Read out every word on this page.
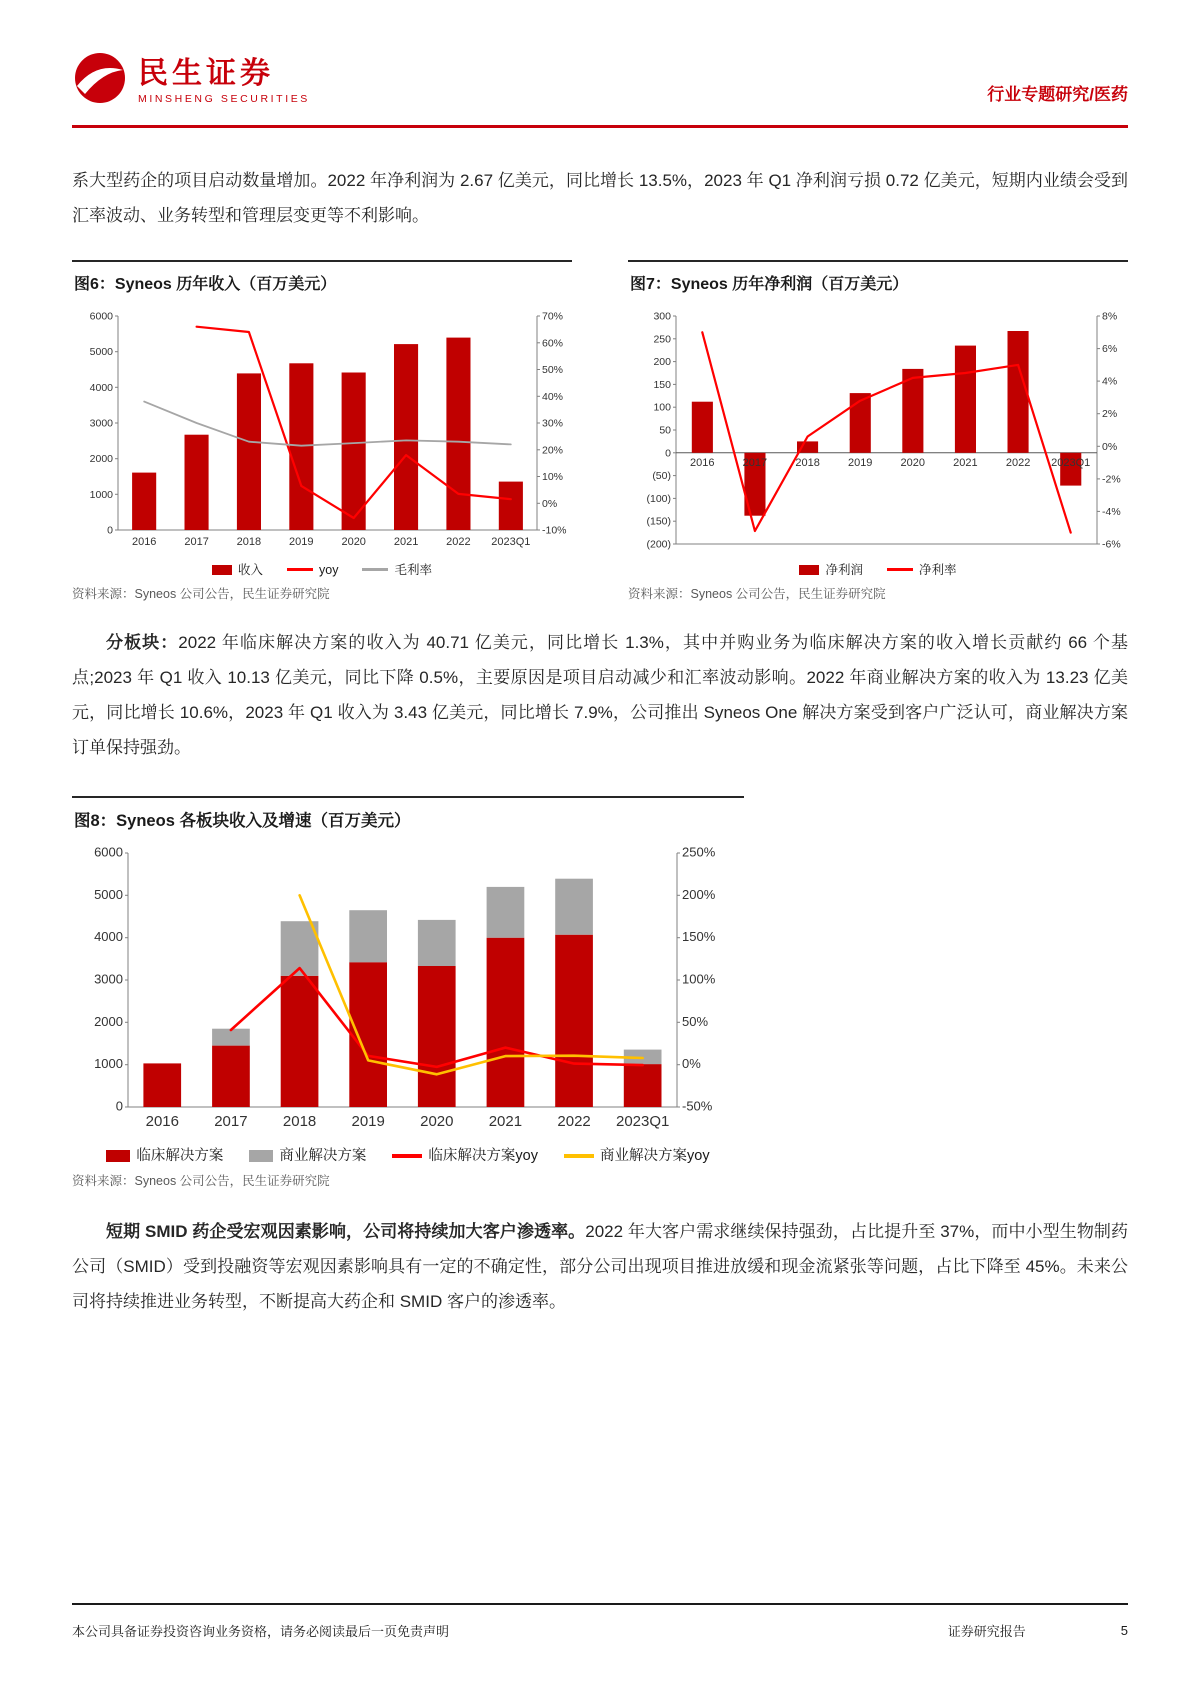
民生证券
MINSHENG SECURITIES	行业专题研究/医药

系大型药企的项目启动数量增加。2022 年净利润为 2.67 亿美元，同比增长 13.5%，2023 年 Q1 净利润亏损 0.72 亿美元，短期内业绩会受到汇率波动、业务转型和管理层变更等不利影响。

图6：Syneos 历年收入（百万美元）
0
1000
2000
3000
4000
5000
6000
-10%
0%
10%
20%
30%
40%
50%
60%
70%
2016	2017	2018	2019	2020	2021	2022 2023Q1
收入	yoy	毛利率
资料来源：Syneos 公司公告，民生证券研究院
图7：Syneos 历年净利润（百万美元）
(200)
(150)
(100)
(50)
0
50
100
150
200
250
300
-6%
-4%
-2%
0%
2%
4%
6%
8%
2016	2017	2018	2019	2020	2021	2022 2023Q1
净利润	净利率
资料来源：Syneos 公司公告，民生证券研究院

分板块：2022 年临床解决方案的收入为 40.71 亿美元，同比增长 1.3%，其中并购业务为临床解决方案的收入增长贡献约 66 个基点;2023 年 Q1 收入 10.13 亿美元，同比下降 0.5%，主要原因是项目启动减少和汇率波动影响。2022 年商业解决方案的收入为 13.23 亿美元，同比增长 10.6%，2023 年 Q1 收入为 3.43 亿美元，同比增长 7.9%，公司推出 Syneos One 解决方案受到客户广泛认可，商业解决方案订单保持强劲。

图8：Syneos 各板块收入及增速（百万美元）
0
1000
2000
3000
4000
5000
6000
-50%
0%
50%
100%
150%
200%
250%
2016 2017 2018 2019 2020 2021 2022 2023Q1
临床解决方案	商业解决方案	临床解决方案yoy	商业解决方案yoy
资料来源：Syneos 公司公告，民生证券研究院

短期 SMID 药企受宏观因素影响，公司将持续加大客户渗透率。2022 年大客户需求继续保持强劲，占比提升至 37%，而中小型生物制药公司（SMID）受到投融资等宏观因素影响具有一定的不确定性，部分公司出现项目推进放缓和现金流紧张等问题，占比下降至 45%。未来公司将持续推进业务转型，不断提高大药企和 SMID 客户的渗透率。

本公司具备证券投资咨询业务资格，请务必阅读最后一页免责声明	证券研究报告	5
